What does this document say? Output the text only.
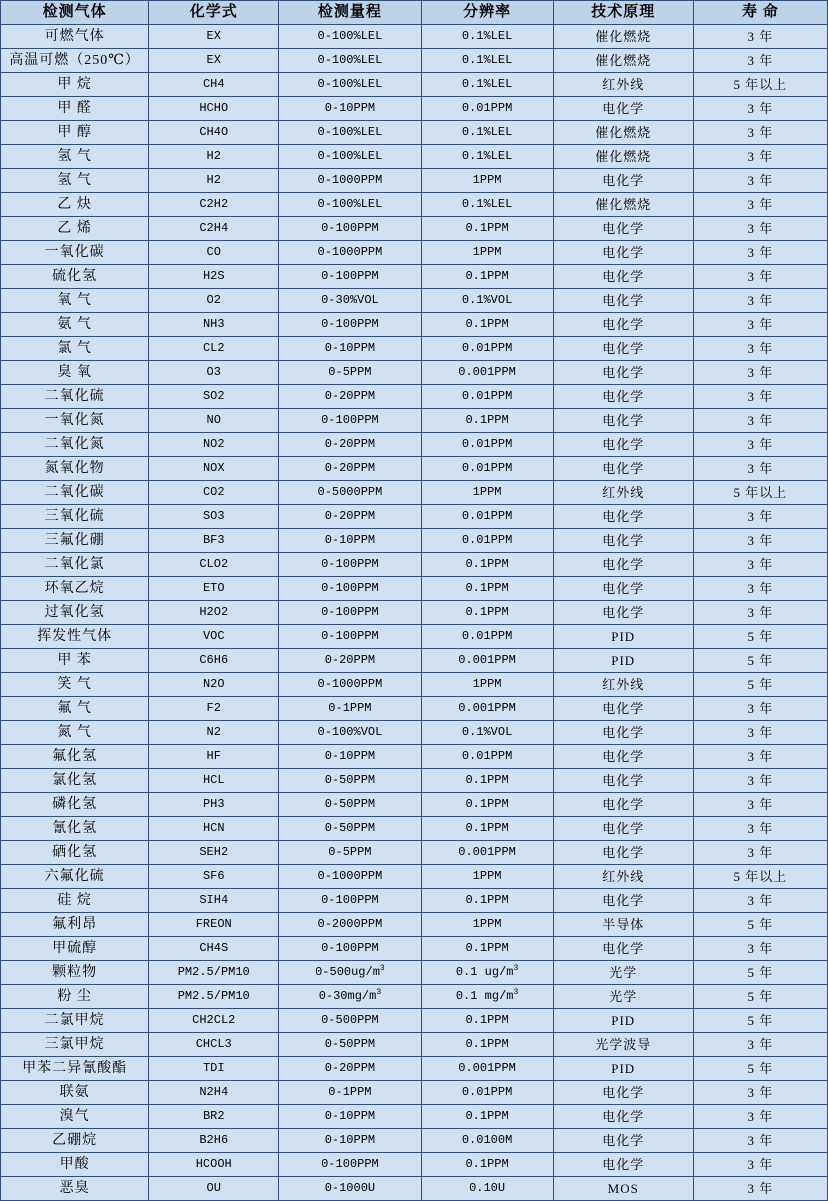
检测气体	化学式	检测量程	分辨率	技术原理	寿 命
可燃气体	EX	0-100%LEL	0.1%LEL	催化燃烧	3 年
高温可燃（250℃）	EX	0-100%LEL	0.1%LEL	催化燃烧	3 年
甲 烷	CH4	0-100%LEL	0.1%LEL	红外线	5 年以上
甲 醛	HCHO	0-10PPM	0.01PPM	电化学	3 年
甲 醇	CH4O	0-100%LEL	0.1%LEL	催化燃烧	3 年
氢 气	H2	0-100%LEL	0.1%LEL	催化燃烧	3 年
氢 气	H2	0-1000PPM	1PPM	电化学	3 年
乙 炔	C2H2	0-100%LEL	0.1%LEL	催化燃烧	3 年
乙 烯	C2H4	0-100PPM	0.1PPM	电化学	3 年
一氧化碳	CO	0-1000PPM	1PPM	电化学	3 年
硫化氢	H2S	0-100PPM	0.1PPM	电化学	3 年
氧 气	O2	0-30%VOL	0.1%VOL	电化学	3 年
氨 气	NH3	0-100PPM	0.1PPM	电化学	3 年
氯 气	CL2	0-10PPM	0.01PPM	电化学	3 年
臭 氧	O3	0-5PPM	0.001PPM	电化学	3 年
二氧化硫	SO2	0-20PPM	0.01PPM	电化学	3 年
一氧化氮	NO	0-100PPM	0.1PPM	电化学	3 年
二氧化氮	NO2	0-20PPM	0.01PPM	电化学	3 年
氮氧化物	NOX	0-20PPM	0.01PPM	电化学	3 年
二氧化碳	CO2	0-5000PPM	1PPM	红外线	5 年以上
三氧化硫	SO3	0-20PPM	0.01PPM	电化学	3 年
三氟化硼	BF3	0-10PPM	0.01PPM	电化学	3 年
二氧化氯	CLO2	0-100PPM	0.1PPM	电化学	3 年
环氧乙烷	ETO	0-100PPM	0.1PPM	电化学	3 年
过氧化氢	H2O2	0-100PPM	0.1PPM	电化学	3 年
挥发性气体	VOC	0-100PPM	0.01PPM	PID	5 年
甲 苯	C6H6	0-20PPM	0.001PPM	PID	5 年
笑 气	N2O	0-1000PPM	1PPM	红外线	5 年
氟 气	F2	0-1PPM	0.001PPM	电化学	3 年
氮 气	N2	0-100%VOL	0.1%VOL	电化学	3 年
氟化氢	HF	0-10PPM	0.01PPM	电化学	3 年
氯化氢	HCL	0-50PPM	0.1PPM	电化学	3 年
磷化氢	PH3	0-50PPM	0.1PPM	电化学	3 年
氰化氢	HCN	0-50PPM	0.1PPM	电化学	3 年
硒化氢	SEH2	0-5PPM	0.001PPM	电化学	3 年
六氟化硫	SF6	0-1000PPM	1PPM	红外线	5 年以上
硅 烷	SIH4	0-100PPM	0.1PPM	电化学	3 年
氟利昂	FREON	0-2000PPM	1PPM	半导体	5 年
甲硫醇	CH4S	0-100PPM	0.1PPM	电化学	3 年
颗粒物	PM2.5/PM10	$0-500ug/m^3$	0.1 $ug/m^3$	光学	5 年
粉 尘	PM2.5/PM10	$0-30mg/m^3$	0.1 $mg/m^3$	光学	5 年
二氯甲烷	CH2CL2	0-500PPM	0.1PPM	PID	5 年
三氯甲烷	CHCL3	0-50PPM	0.1PPM	光学波导	3 年
甲苯二异氰酸酯	TDI	0-20PPM	0.001PPM	PID	5 年
联氨	N2H4	0-1PPM	0.01PPM	电化学	3 年
溴气	BR2	0-10PPM	0.1PPM	电化学	3 年
乙硼烷	B2H6	0-10PPM	0.0100M	电化学	3 年
甲酸	HCOOH	0-100PPM	0.1PPM	电化学	3 年
恶臭	OU	0-1000U	0.10U	MOS	3 年
